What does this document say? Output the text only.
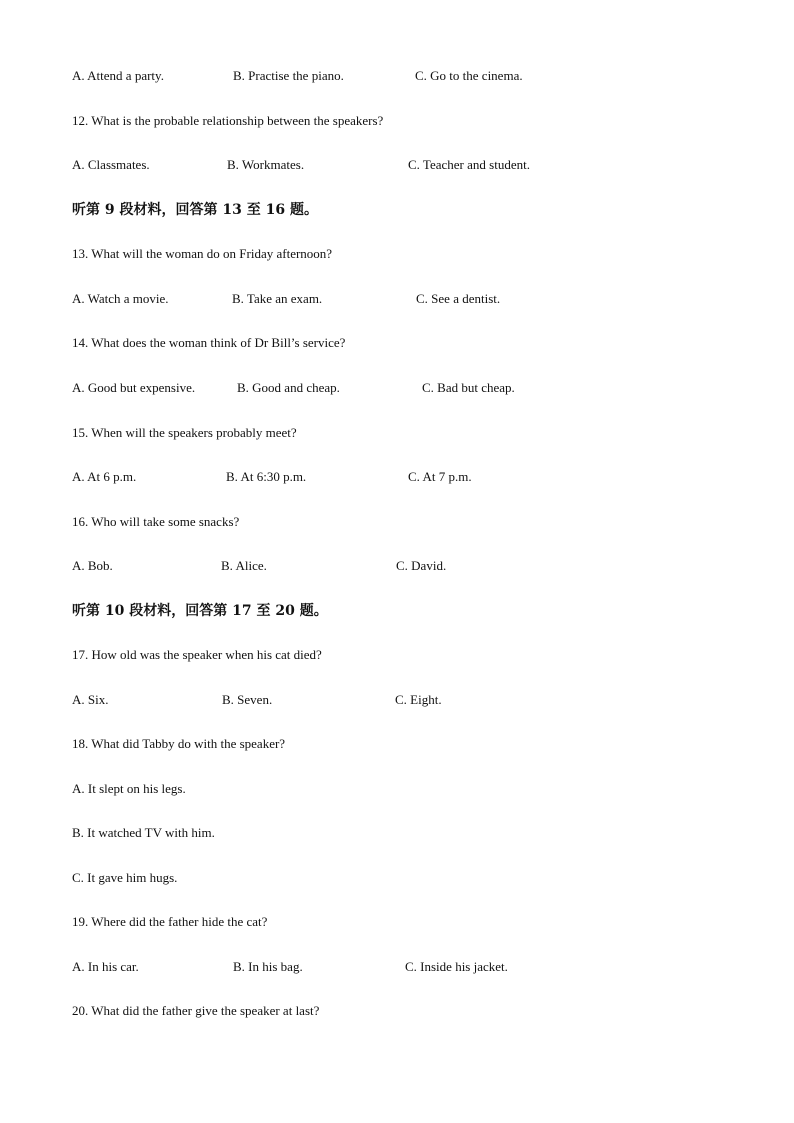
A. Attend a party.	B. Practise the piano.	C. Go to the cinema.
12. What is the probable relationship between the speakers?
A. Classmates.	B. Workmates.	C. Teacher and student.
听第 9 段材料，回答第 13 至 16 题。
13. What will the woman do on Friday afternoon?
A. Watch a movie.	B. Take an exam.	C. See a dentist.
14. What does the woman think of Dr Bill’s service?
A. Good but expensive.	B. Good and cheap.	C. Bad but cheap.
15. When will the speakers probably meet?
A. At 6 p.m.	B. At 6:30 p.m.	C. At 7 p.m.
16. Who will take some snacks?
A. Bob.	B. Alice.	C. David.
听第 10 段材料，回答第 17 至 20 题。
17. How old was the speaker when his cat died?
A. Six.	B. Seven.	C. Eight.
18. What did Tabby do with the speaker?
A. It slept on his legs.
B. It watched TV with him.
C. It gave him hugs.
19. Where did the father hide the cat?
A. In his car.	B. In his bag.	C. Inside his jacket.
20. What did the father give the speaker at last?
